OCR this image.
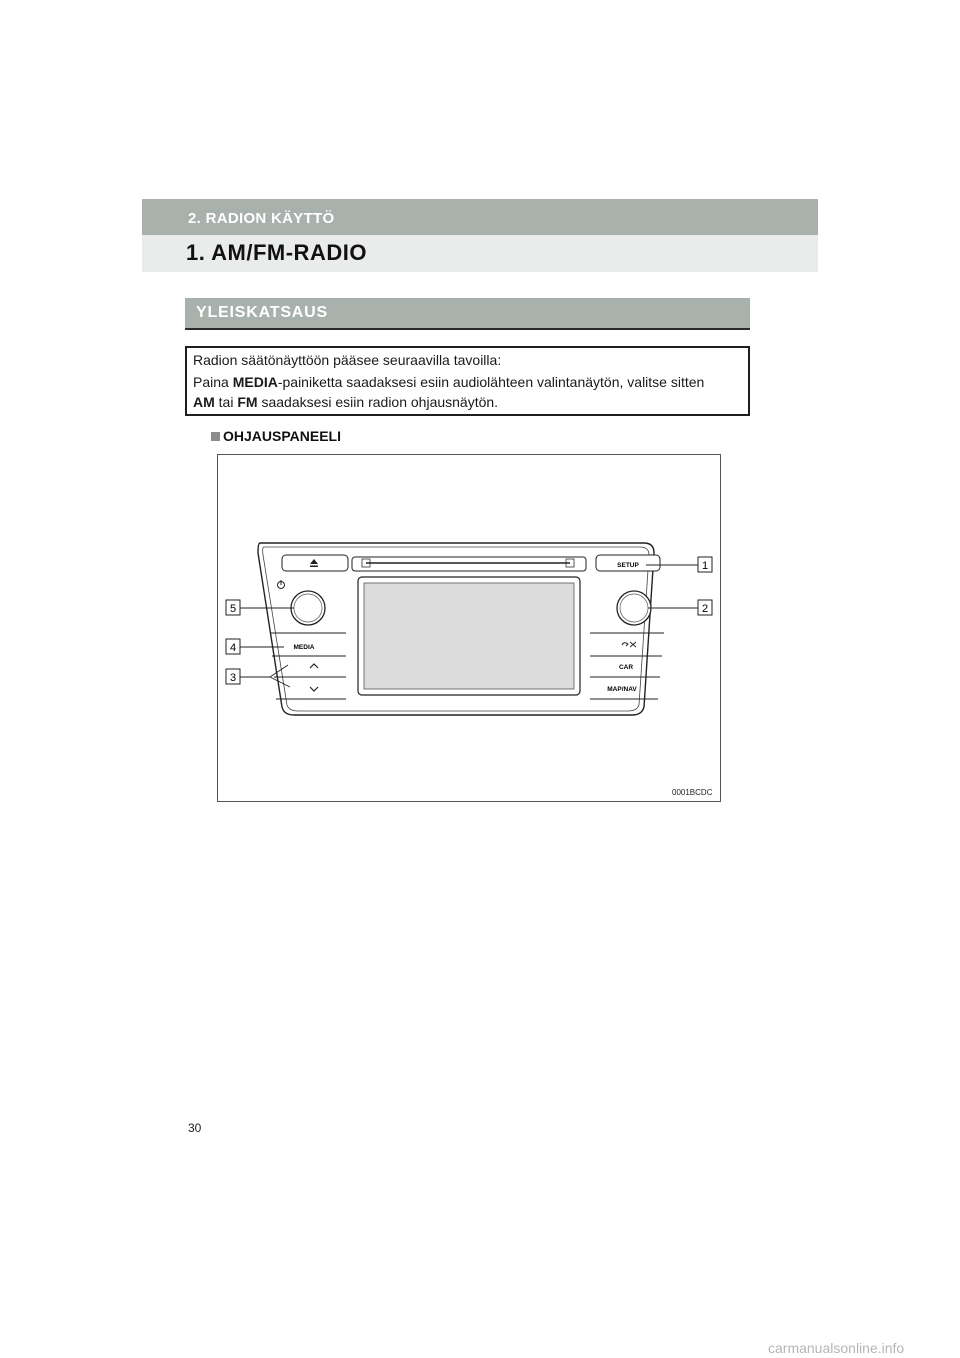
2. RADION KÄYTTÖ
1. AM/FM-RADIO
YLEISKATSAUS
Radion säätönäyttöön pääsee seuraavilla tavoilla:
Paina MEDIA-painiketta saadaksesi esiin audiolähteen valintanäytön, valitse sitten
AM tai FM saadaksesi esiin radion ohjausnäytön.
OHJAUSPANEELI
SETUP
MEDIA
CAR
MAP/NAV
1
2
3
4
5
0001BCDC
30
carmanualsonline.info
